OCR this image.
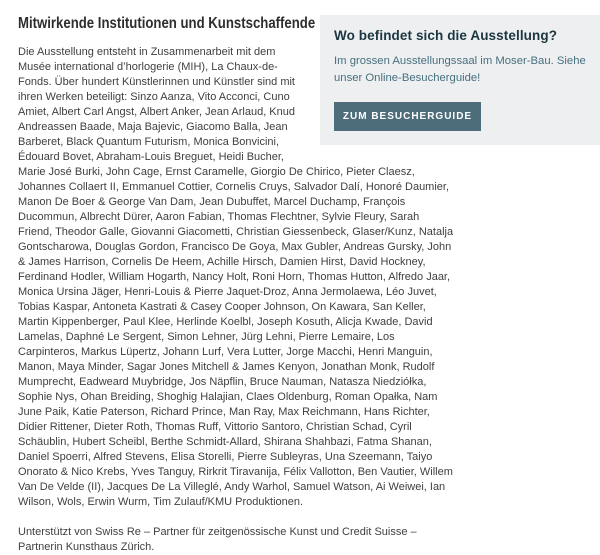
Wo befindet sich die Ausstellung?

Im grossen Ausstellungssaal im Moser-Bau. Siehe unser Online-Besucherguide!

ZUM BESUCHERGUIDE
Mitwirkende Institutionen und Kunstschaffende

Die Ausstellung entsteht in Zusammenarbeit mit dem Musée international d’horlogerie (MIH), La Chaux-de-Fonds. Über hundert Künstlerinnen und Künstler sind mit ihren Werken beteiligt: Sinzo Aanza, Vito Acconci, Cuno Amiet, Albert Carl Angst, Albert Anker, Jean Arlaud, Knud Andreassen Baade, Maja Bajevic, Giacomo Balla, Jean Barberet, Black Quantum Futurism, Monica Bonvicini, Édouard Bovet, Abraham-Louis Breguet, Heidi Bucher, Marie José Burki, John Cage, Ernst Caramelle, Giorgio De Chirico, Pieter Claesz, Johannes Collaert II, Emmanuel Cottier, Cornelis Cruys, Salvador Dalí, Honoré Daumier, Manon De Boer & George Van Dam, Jean Dubuffet, Marcel Duchamp, François Ducommun, Albrecht Dürer, Aaron Fabian, Thomas Flechtner, Sylvie Fleury, Sarah Friend, Theodor Galle, Giovanni Giacometti, Christian Giessenbeck, Glaser/Kunz, Natalja Gontscharowa, Douglas Gordon, Francisco De Goya, Max Gubler, Andreas Gursky, John & James Harrison, Cornelis De Heem, Achille Hirsch, Damien Hirst, David Hockney, Ferdinand Hodler, William Hogarth, Nancy Holt, Roni Horn, Thomas Hutton, Alfredo Jaar, Monica Ursina Jäger, Henri-Louis & Pierre Jaquet-Droz, Anna Jermolaewa, Léo Juvet, Tobias Kaspar, Antoneta Kastrati & Casey Cooper Johnson, On Kawara, San Keller, Martin Kippenberger, Paul Klee, Herlinde Koelbl, Joseph Kosuth, Alicja Kwade, David Lamelas, Daphné Le Sergent, Simon Lehner, Jürg Lehni, Pierre Lemaire, Los Carpinteros, Markus Lüpertz, Johann Lurf, Vera Lutter, Jorge Macchi, Henri Manguin, Manon, Maya Minder, Sagar Jones Mitchell & James Kenyon, Jonathan Monk, Rudolf Mumprecht, Eadweard Muybridge, Jos Näpflin, Bruce Nauman, Natasza Niedziółka, Sophie Nys, Ohan Breiding, Shoghig Halajian, Claes Oldenburg, Roman Opałka, Nam June Paik, Katie Paterson, Richard Prince, Man Ray, Max Reichmann, Hans Richter, Didier Rittener, Dieter Roth, Thomas Ruff, Vittorio Santoro, Christian Schad, Cyril Schäublin, Hubert Scheibl, Berthe Schmidt-Allard, Shirana Shahbazi, Fatma Shanan, Daniel Spoerri, Alfred Stevens, Elisa Storelli, Pierre Subleyras, Una Szeemann, Taiyo Onorato & Nico Krebs, Yves Tanguy, Rirkrit Tiravanija, Félix Vallotton, Ben Vautier, Willem Van De Velde (II), Jacques De La Villeglé, Andy Warhol, Samuel Watson, Ai Weiwei, Ian Wilson, Wols, Erwin Wurm, Tim Zulauf/KMU Produktionen.

Unterstützt von Swiss Re – Partner für zeitgenössische Kunst und Credit Suisse – Partnerin Kunsthaus Zürich.
